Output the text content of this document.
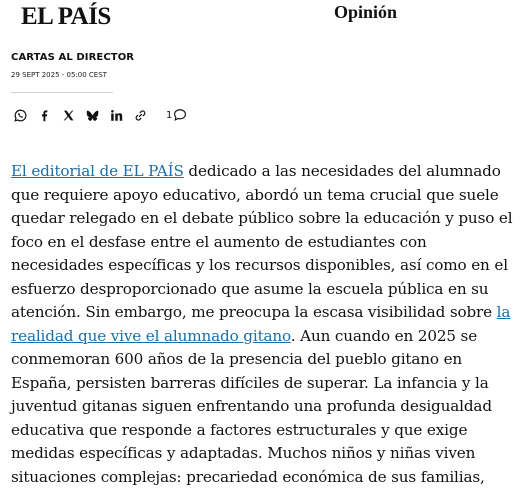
EL PAÍS	Opinión
CARTAS AL DIRECTOR
29 SEPT 2025 - 05:00 CEST
1

El editorial de EL PAÍS dedicado a las necesidades del alumnado que requiere apoyo educativo, abordó un tema crucial que suele quedar relegado en el debate público sobre la educación y puso el foco en el desfase entre el aumento de estudiantes con necesidades específicas y los recursos disponibles, así como en el esfuerzo desproporcionado que asume la escuela pública en su atención. Sin embargo, me preocupa la escasa visibilidad sobre la realidad que vive el alumnado gitano. Aun cuando en 2025 se conmemoran 600 años de la presencia del pueblo gitano en España, persisten barreras difíciles de superar. La infancia y la juventud gitanas siguen enfrentando una profunda desigualdad educativa que responde a factores estructurales y que exige medidas específicas y adaptadas. Muchos niños y niñas viven situaciones complejas: precariedad económica de sus familias,
